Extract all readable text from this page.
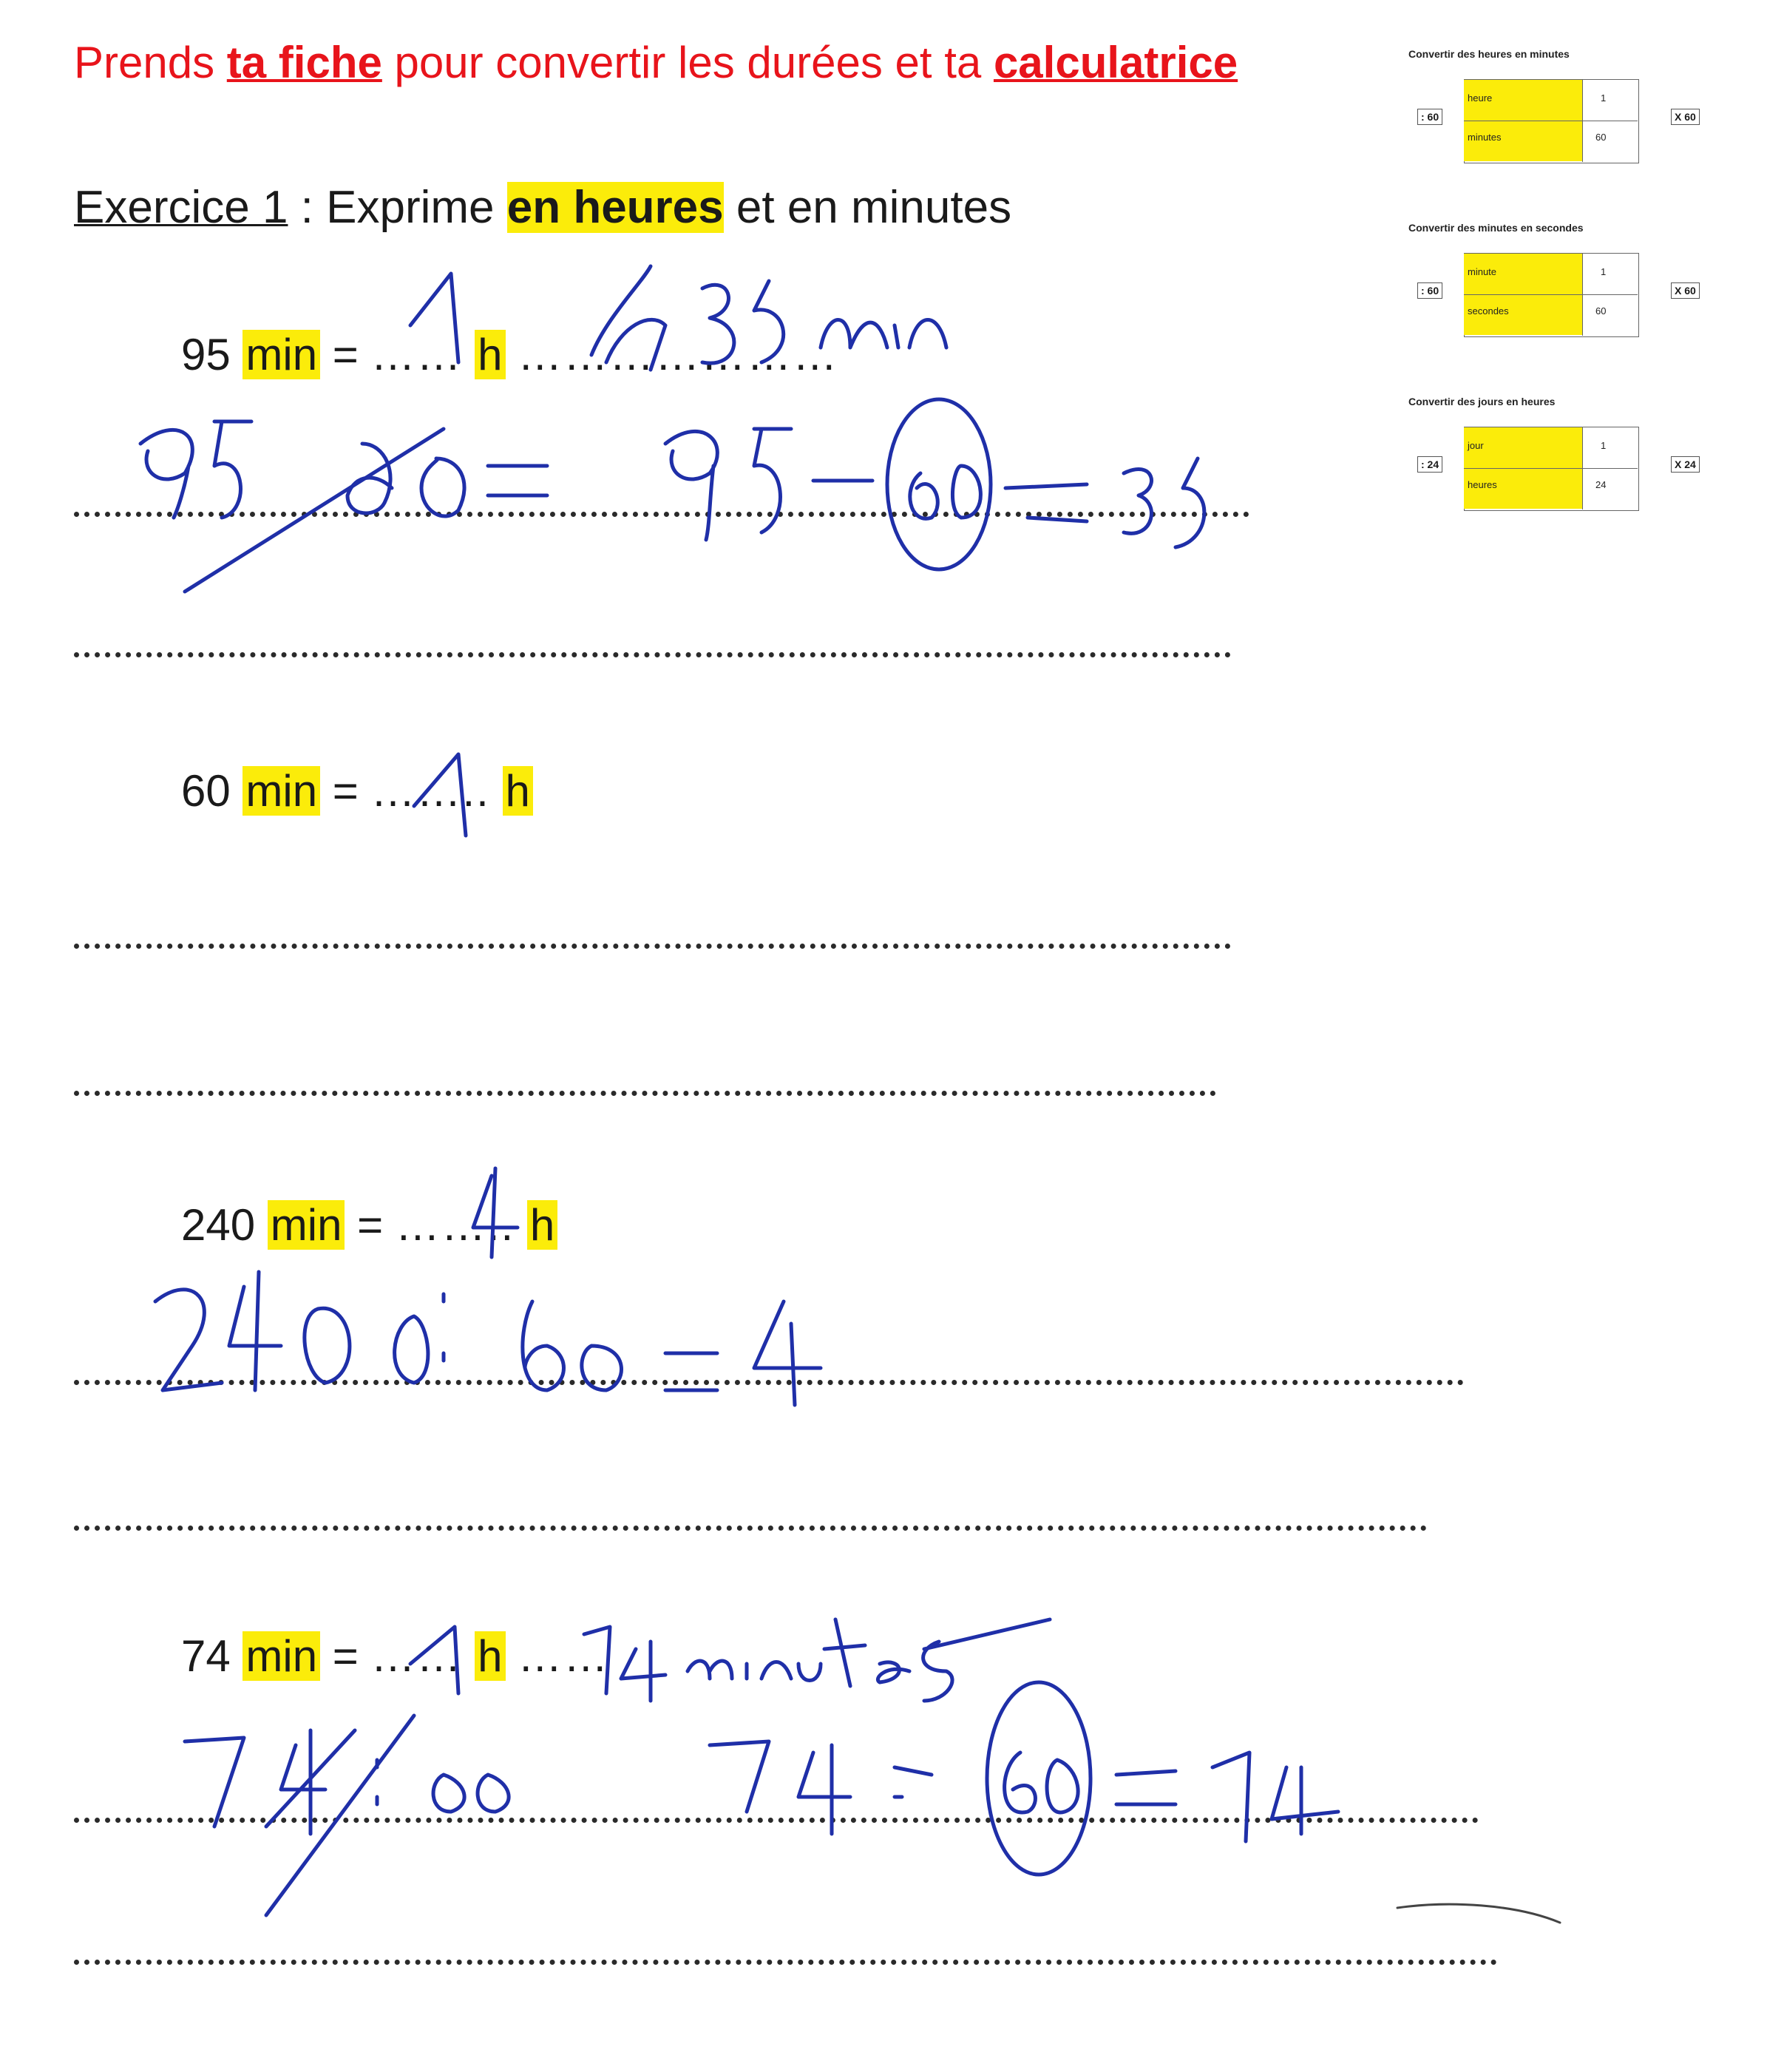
Prends ta fiche pour convertir les durées et ta calculatrice
Exercice 1 : Exprime en heures et en minutes
95 min = …… h …………………
60 min = …….. h
240 min = …….. h
74 min = …… h ……
Convertir des heures en minutes
heure	1
minutes	60
: 60	X 60
Convertir des minutes en secondes
minute	1
secondes	60
: 60	X 60
Convertir des jours en heures
jour	1
heures	24
: 24	X 24
